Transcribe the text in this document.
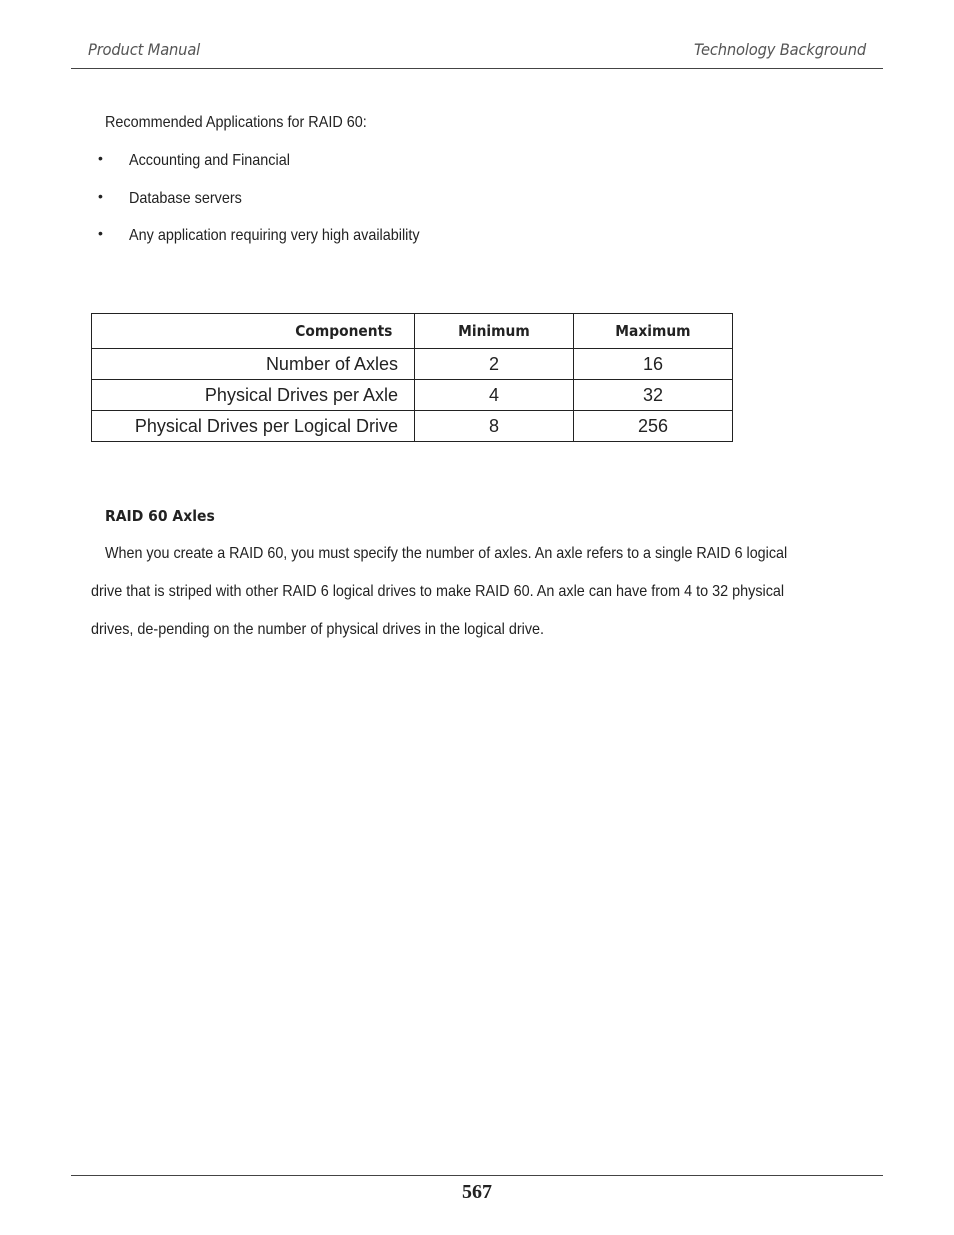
Product Manual	Technology Background
Recommended Applications for RAID 60:
• Accounting and Financial
• Database servers
• Any application requiring very high availability
Components	Minimum	Maximum
Number of Axles	2	16
Physical Drives per Axle	4	32
Physical Drives per Logical Drive	8	256
RAID 60 Axles
When you create a RAID 60, you must specify the number of axles. An axle refers to a single RAID 6 logical
drive that is striped with other RAID 6 logical drives to make RAID 60. An axle can have from 4 to 32 physical
drives, de-pending on the number of physical drives in the logical drive.
567
